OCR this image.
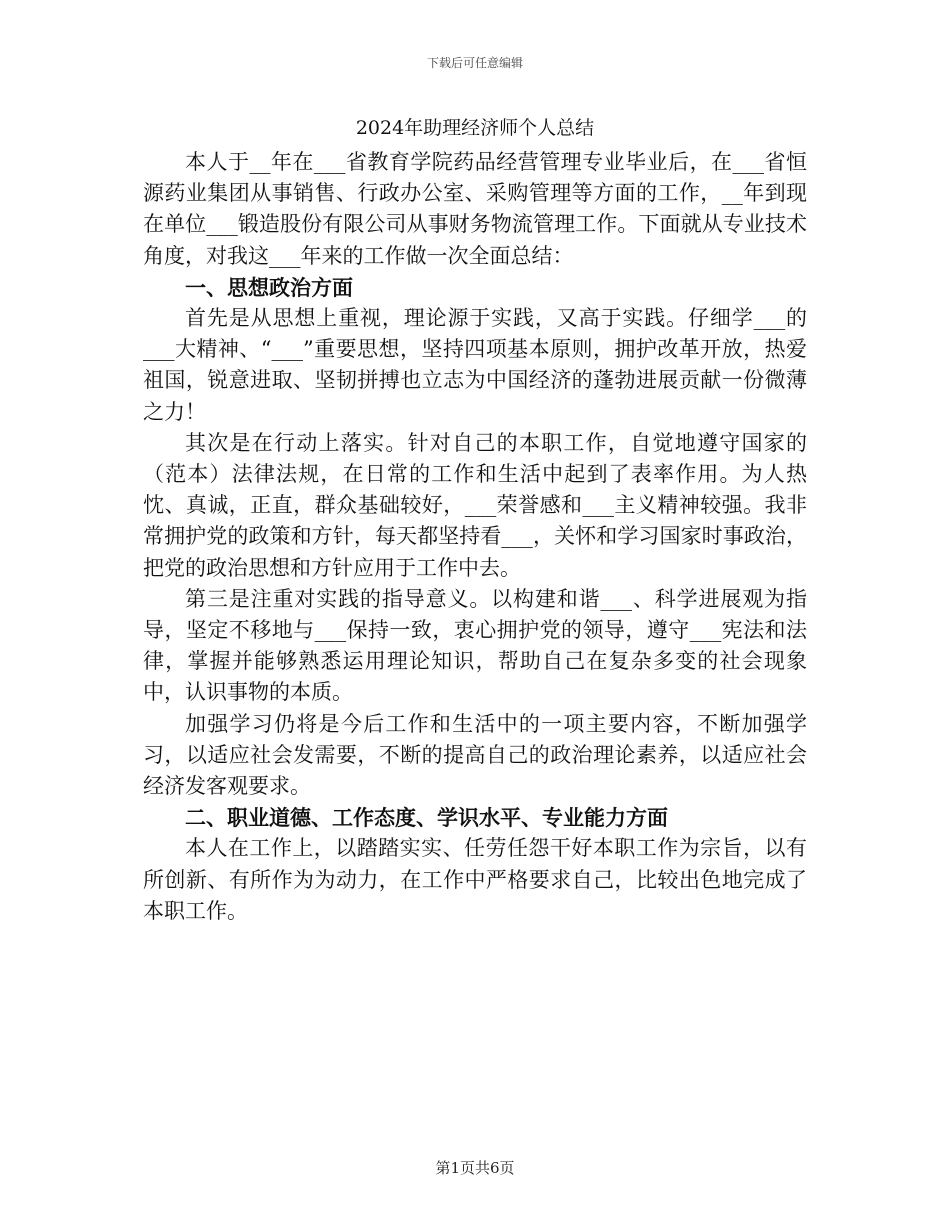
下载后可任意编辑
2024年助理经济师个人总结

本人于__年在___省教育学院药品经营管理专业毕业后，在___省恒源药业集团从事销售、行政办公室、采购管理等方面的工作，__年到现在单位___锻造股份有限公司从事财务物流管理工作。下面就从专业技术角度，对我这___年来的工作做一次全面总结：

一、思想政治方面

首先是从思想上重视，理论源于实践，又高于实践。仔细学___的___大精神、“___”重要思想，坚持四项基本原则，拥护改革开放，热爱祖国，锐意进取、坚韧拼搏也立志为中国经济的蓬勃进展贡献一份微薄之力！

其次是在行动上落实。针对自己的本职工作，自觉地遵守国家的（范本）法律法规，在日常的工作和生活中起到了表率作用。为人热忱、真诚，正直，群众基础较好，___荣誉感和___主义精神较强。我非常拥护党的政策和方针，每天都坚持看___，关怀和学习国家时事政治，把党的政治思想和方针应用于工作中去。

第三是注重对实践的指导意义。以构建和谐___、科学进展观为指导，坚定不移地与___保持一致，衷心拥护党的领导，遵守___宪法和法律，掌握并能够熟悉运用理论知识，帮助自己在复杂多变的社会现象中，认识事物的本质。

加强学习仍将是今后工作和生活中的一项主要内容，不断加强学习，以适应社会发需要，不断的提高自己的政治理论素养，以适应社会经济发客观要求。

二、职业道德、工作态度、学识水平、专业能力方面

本人在工作上，以踏踏实实、任劳任怨干好本职工作为宗旨，以有所创新、有所作为为动力，在工作中严格要求自己，比较出色地完成了本职工作。

第1页共6页
